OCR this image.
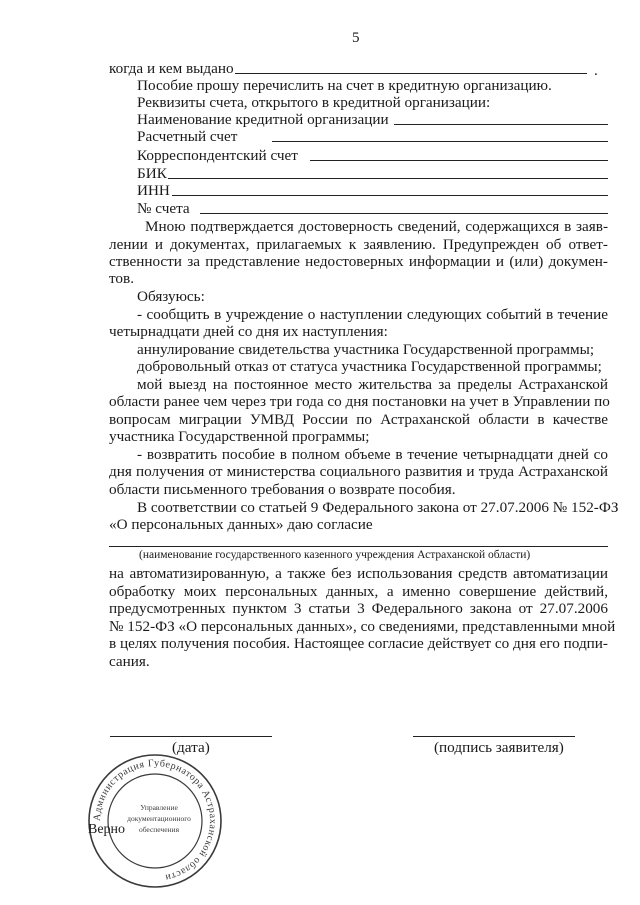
5
когда и кем выдано	.
Пособие прошу перечислить на счет в кредитную организацию.
Реквизиты счета, открытого в кредитной организации:
Наименование кредитной организации
Расчетный счет
Корреспондентский счет
БИК
ИНН
№ счета
Мною подтверждается достоверность сведений, содержащихся в заяв-
лении и документах, прилагаемых к заявлению. Предупрежден об ответ-
ственности за представление недостоверных информации и (или) докумен-
тов.
Обязуюсь:
- сообщить в учреждение о наступлении следующих событий в течение
четырнадцати дней со дня их наступления:
аннулирование свидетельства участника Государственной программы;
добровольный отказ от статуса участника Государственной программы;
мой выезд на постоянное место жительства за пределы Астраханской
области ранее чем через три года со дня постановки на учет в Управлении по
вопросам миграции УМВД России по Астраханской области в качестве
участника Государственной программы;
- возвратить пособие в полном объеме в течение четырнадцати дней со
дня получения от министерства социального развития и труда Астраханской
области письменного требования о возврате пособия.
В соответствии со статьей 9 Федерального закона от 27.07.2006 № 152-ФЗ
«О персональных данных» даю согласие
(наименование государственного казенного учреждения Астраханской области)
на автоматизированную, а также без использования средств автоматизации
обработку моих персональных данных, а именно совершение действий,
предусмотренных пунктом 3 статьи 3 Федерального закона от 27.07.2006
№ 152-ФЗ «О персональных данных», со сведениями, представленными мной
в целях получения пособия. Настоящее согласие действует со дня его подпи-
сания.
(дата)	(подпись заявителя)
Администрация Губернатора Астраханской области
Управление
документационного
обеспечения
Верно
